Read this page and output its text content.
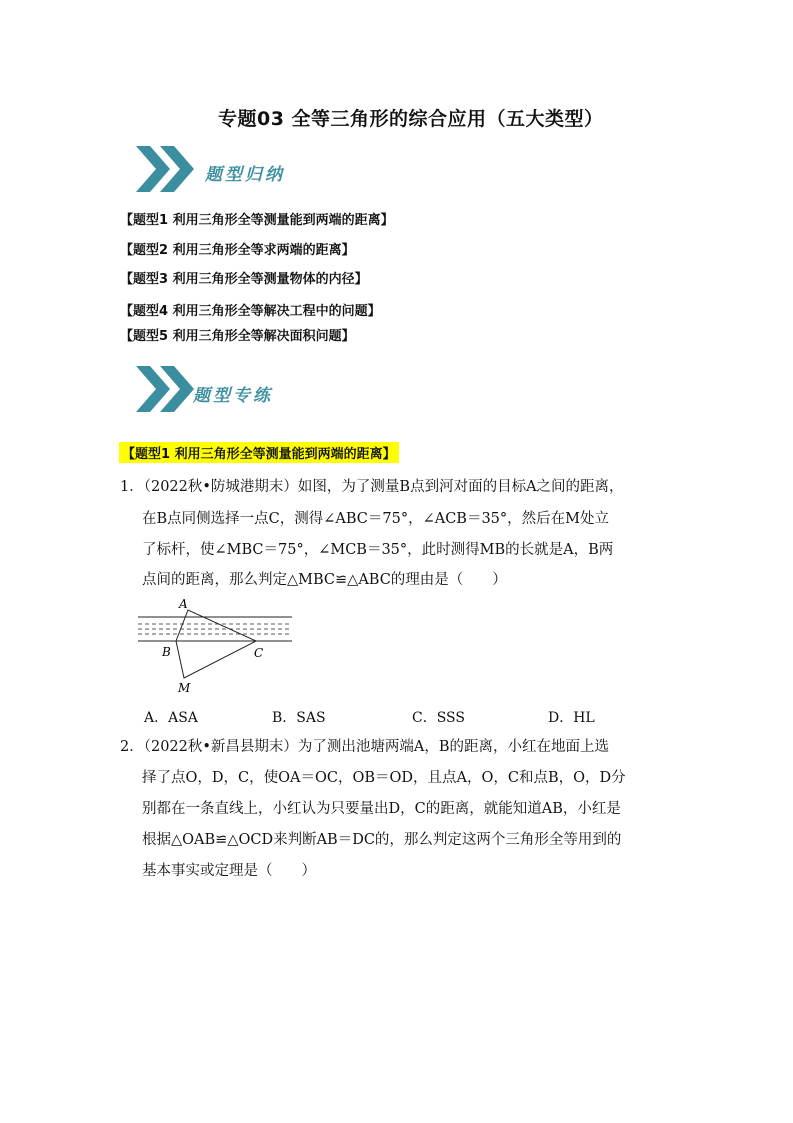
专题03 全等三角形的综合应用（五大类型）
题型归纳
【题型1 利用三角形全等测量能到两端的距离】
【题型2 利用三角形全等求两端的距离】
【题型3 利用三角形全等测量物体的内径】
【题型4 利用三角形全等解决工程中的问题】
【题型5 利用三角形全等解决面积问题】
题型专练
【题型1 利用三角形全等测量能到两端的距离】
1．（2022秋•防城港期末）如图，为了测量B点到河对面的目标A之间的距离，
在B点同侧选择一点C，测得∠ABC＝75°，∠ACB＝35°，然后在M处立
了标杆，使∠MBC＝75°，∠MCB＝35°，此时测得MB的长就是A，B两
点间的距离，那么判定△MBC≌△ABC的理由是（　　）
A
B	C
M
A．ASA	B．SAS	C．SSS	D．HL
2．（2022秋•新昌县期末）为了测出池塘两端A，B的距离，小红在地面上选
择了点O，D，C，使OA＝OC，OB＝OD，且点A，O，C和点B，O，D分
别都在一条直线上，小红认为只要量出D，C的距离，就能知道AB，小红是
根据△OAB≌△OCD来判断AB＝DC的，那么判定这两个三角形全等用到的
基本事实或定理是（　　）
